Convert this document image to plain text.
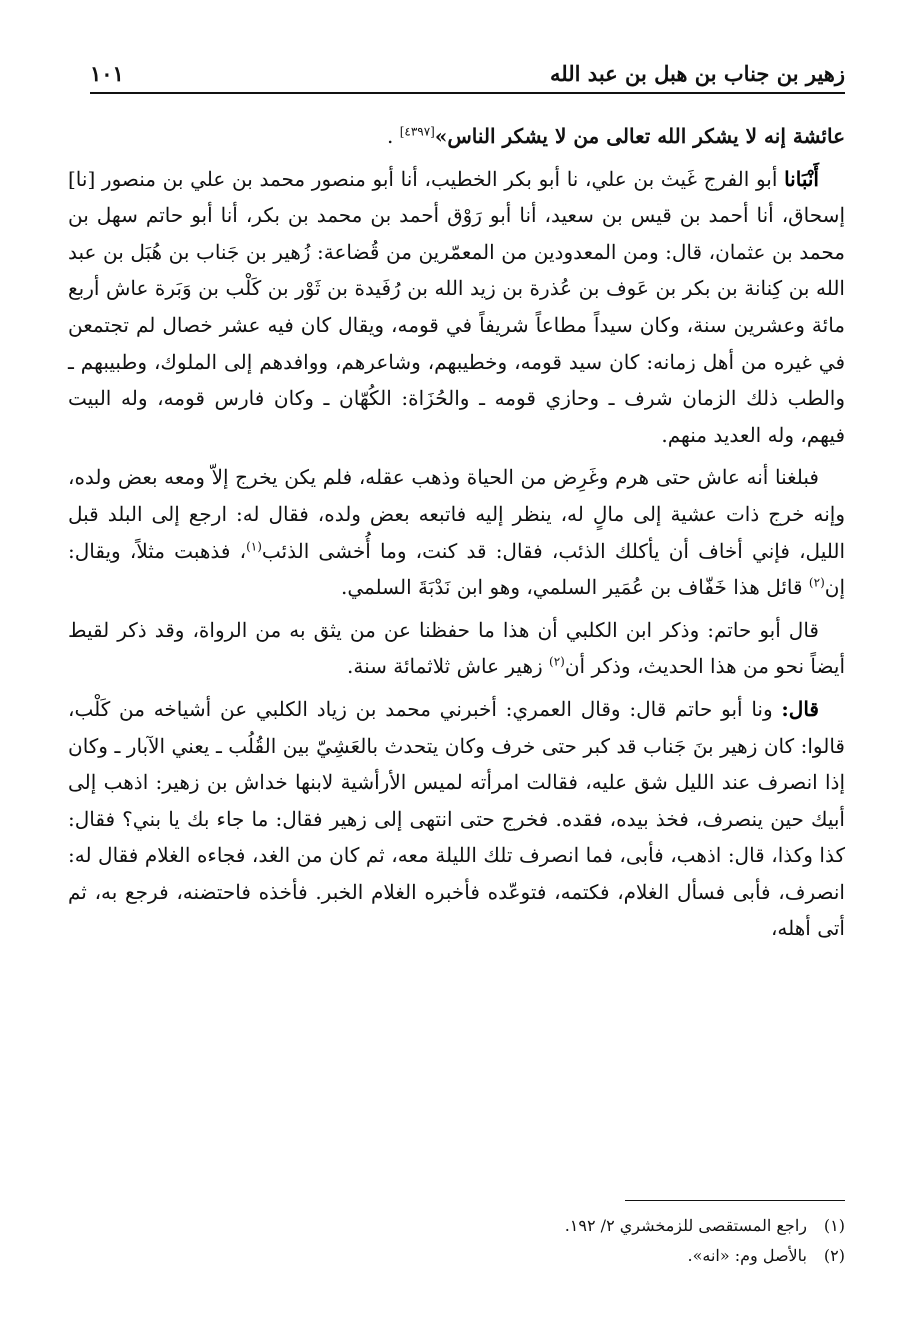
زهير بن جناب بن هبل بن عبد الله
١٠١

عائشة إنه لا يشكر الله تعالى من لا يشكر الناس»[٤٣٩٧] .

أَنْبَانا أبو الفرج غَيث بن علي، نا أبو بكر الخطيب، أنا أبو منصور محمد بن علي بن منصور [نا] إسحاق، أنا أحمد بن قيس بن سعيد، أنا أبو رَوْق أحمد بن محمد بن بكر، أنا أبو حاتم سهل بن محمد بن عثمان، قال: ومن المعدودين من المعمّرين من قُضاعة: زُهير بن جَناب بن هُبَل بن عبد الله بن كِنانة بن بكر بن عَوف بن عُذرة بن زيد الله بن رُفَيدة بن ثَوْر بن كَلْب بن وَبَرة عاش أربع مائة وعشرين سنة، وكان سيداً مطاعاً شريفاً في قومه، ويقال كان فيه عشر خصال لم تجتمعن في غيره من أهل زمانه: كان سيد قومه، وخطيبهم، وشاعرهم، ووافدهم إلى الملوك، وطبيبهم ـ والطب ذلك الزمان شرف ـ وحازي قومه ـ والحُزَاة: الكُهّان ـ وكان فارس قومه، وله البيت فيهم، وله العديد منهم.

فبلغنا أنه عاش حتى هرم وغَرِض من الحياة وذهب عقله، فلم يكن يخرج إلاّ ومعه بعض ولده، وإنه خرج ذات عشية إلى مالٍ له، ينظر إليه فاتبعه بعض ولده، فقال له: ارجع إلى البلد قبل الليل، فإني أخاف أن يأكلك الذئب، فقال: قد كنت، وما أُخشى الذئب$^{(١)}$، فذهبت مثلاً، ويقال: إن$^{(٢)}$ قائل هذا خَفّاف بن عُمَير السلمي، وهو ابن نَدْبَةَ السلمي.

قال أبو حاتم: وذكر ابن الكلبي أن هذا ما حفظنا عن من يثق به من الرواة، وقد ذكر لقيط أيضاً نحو من هذا الحديث، وذكر أن$^{(٢)}$ زهير عاش ثلاثمائة سنة.

قال: ونا أبو حاتم قال: وقال العمري: أخبرني محمد بن زياد الكلبي عن أشياخه من كَلْب، قالوا: كان زهير بنَ جَناب قد كبر حتى خرف وكان يتحدث بالعَشِيّ بين القُلُب ـ يعني الآبار ـ وكان إذا انصرف عند الليل شق عليه، فقالت امرأته لميس الأرأشية لابنها خداش بن زهير: اذهب إلى أبيك حين ينصرف، فخذ بيده، فقده. فخرج حتى انتهى إلى زهير فقال: ما جاء بك يا بني؟ فقال: كذا وكذا، قال: اذهب، فأبى، فما انصرف تلك الليلة معه، ثم كان من الغد، فجاءه الغلام فقال له: انصرف، فأبى فسأل الغلام، فكتمه، فتوعّده فأخبره الغلام الخبر. فأخذه فاحتضنه، فرجع به، ثم أتى أهله،

(١)
راجع المستقصى للزمخشري ٢/ ١٩٢.
(٢)
بالأصل وم: «انه».
